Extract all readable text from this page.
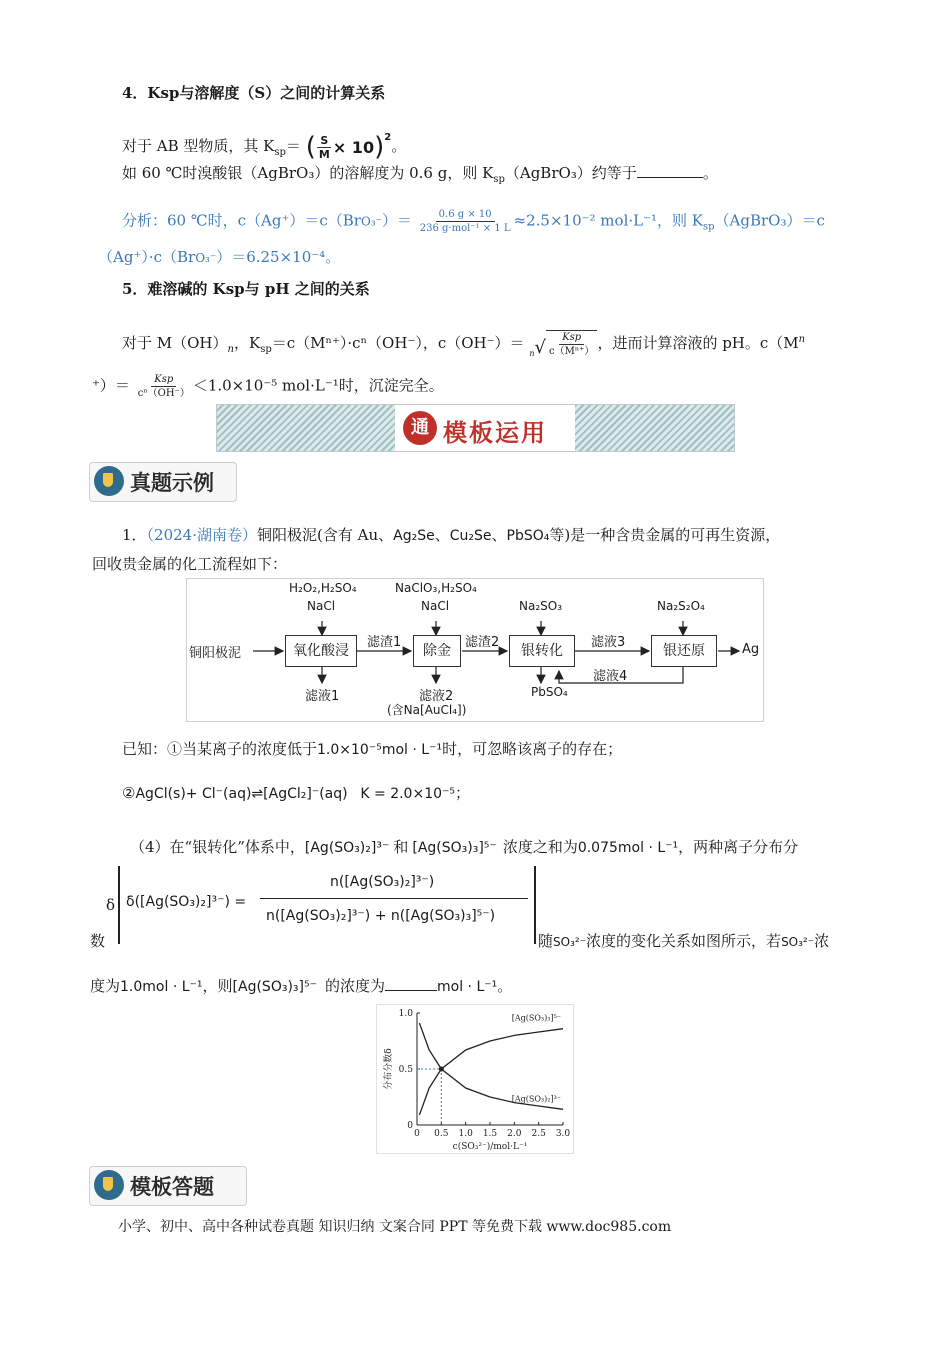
4．Ksp与溶解度（S）之间的计算关系
对于 AB 型物质，其 $K_{sp}=$ ( $\frac{S}{M} \times 10$ )$^2$ 。
如 60 ℃时溴酸银（AgBrO₃）的溶解度为 0.6 g，则 $K_{sp}(AgBrO_3)$约等于	。
分析：60 ℃时，$c(Ag^+)=c(BrO_3^-)= \frac{0.6 g \times 10}{\text{236 g·mol⁻¹ × 1 L}} \approx 2.5\times 10^{-2}$ mol·L⁻¹，则 $K_{sp}(AgBrO_3)=c$
（Ag⁺）·c（BrO₃⁻）＝6.25×10⁻⁴。
5．难溶碱的 Ksp与 pH 之间的关系
对于 $M(OH)_n$，$K_{sp}=c(M^{n+})\cdot c^n(OH^-)$，c（OH⁻）＝
n √ $\frac{\text{Ksp}}{\text{c（Mⁿ⁺）}}$ ，进而计算溶液的 pH。$c(M^n$
⁺）＝ $\frac{\text{Ksp}}{\text{cⁿ（OH⁻）}} <1.0\times 10^{-5}$ mol·L⁻¹时，沉淀完全。
通 模板运用
真题示例
1．（2024·湖南卷）铜阳极泥(含有 Au、Ag₂Se、Cu₂Se、PbSO₄等)是一种含贵金属的可再生资源，
回收贵金属的化工流程如下：
铜阳极泥
H₂O₂,H₂SO₄
NaCl
氧化酸浸
滤液1
滤渣1
NaClO₃,H₂SO₄
NaCl
除金
滤液2
(含Na[AuCl₄])
滤渣2
Na₂SO₃
银转化
PbSO₄
滤液3
滤液4
Na₂S₂O₄
银还原	Ag
已知：①当某离子的浓度低于1.0×10⁻⁵mol · L⁻¹时，可忽略该离子的存在；
②AgCl(s)+ Cl⁻(aq)⇌[AgCl₂]⁻(aq) K = 2.0×10⁻⁵；
（4）在“银转化”体系中，[Ag(SO₃)₂]³⁻ 和 [Ag(SO₃)₃]⁵⁻ 浓度之和为0.075mol · L⁻¹，两种离子分布分
δ δ([Ag(SO₃)₂]³⁻) =
n([Ag(SO₃)₂]³⁻)
n([Ag(SO₃)₂]³⁻) + n([Ag(SO₃)₃]⁵⁻)
数	随SO₃²⁻浓度的变化关系如图所示，若SO₃²⁻浓
度为1.0mol · L⁻¹，则[Ag(SO₃)₃]⁵⁻ 的浓度为	mol · L⁻¹。
0 0.5 1.0 1.5 2.0 2.5 3.0
0
0.5
1.0
c(SO₃²⁻)/mol·L⁻¹
分布分数δ
[Ag(SO₃)₃]⁵⁻
[Ag(SO₃)₂]³⁻
模板答题
小学、初中、高中各种试卷真题 知识归纳 文案合同 PPT 等免费下载 www.doc985.com
